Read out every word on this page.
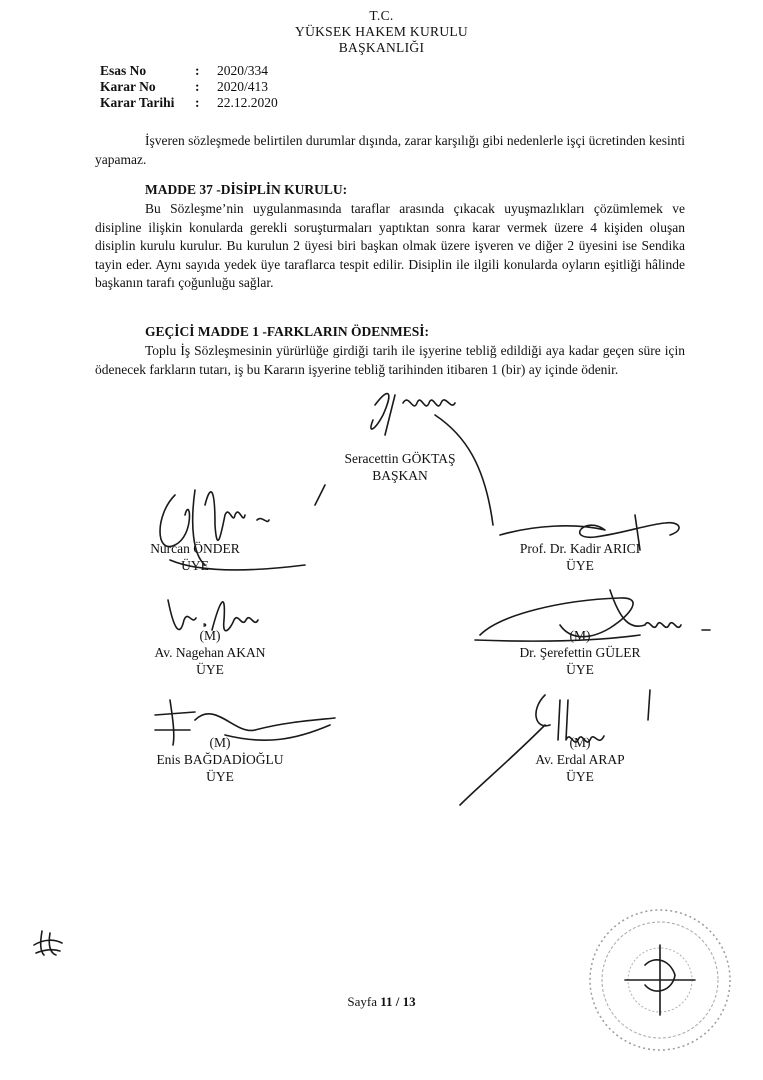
T.C.
YÜKSEK HAKEM KURULU
BAŞKANLIĞI
Esas No	: 2020/334
Karar No	: 2020/413
Karar Tarihi : 22.12.2020

İşveren sözleşmede belirtilen durumlar dışında, zarar karşılığı gibi nedenlerle işçi ücretinden kesinti yapamaz.

MADDE 37 -DİSİPLİN KURULU:

Bu Sözleşme’nin uygulanmasında taraflar arasında çıkacak uyuşmazlıkları çözümlemek ve disipline ilişkin konularda gerekli soruşturmaları yaptıktan sonra karar vermek üzere 4 kişiden oluşan disiplin kurulu kurulur. Bu kurulun 2 üyesi biri başkan olmak üzere işveren ve diğer 2 üyesini ise Sendika tayin eder. Aynı sayıda yedek üye taraflarca tespit edilir. Disiplin ile ilgili konularda oyların eşitliği hâlinde başkanın tarafı çoğunluğu sağlar.

GEÇİCİ MADDE 1 -FARKLARIN ÖDENMESİ:

Toplu İş Sözleşmesinin yürürlüğe girdiği tarih ile işyerine tebliğ edildiği aya kadar geçen süre için ödenecek farkların tutarı, iş bu Kararın işyerine tebliğ tarihinden itibaren 1 (bir) ay içinde ödenir.

Seracettin GÖKTAŞ
BAŞKAN
Nurcan ÖNDER
ÜYE
Prof. Dr. Kadir ARICI
ÜYE
(M)
Av. Nagehan AKAN
ÜYE
(M)
Dr. Şerefettin GÜLER
ÜYE
(M)
Enis BAĞDADİOĞLU
ÜYE
(M)
Av. Erdal ARAP
ÜYE
Sayfa 11 / 13
